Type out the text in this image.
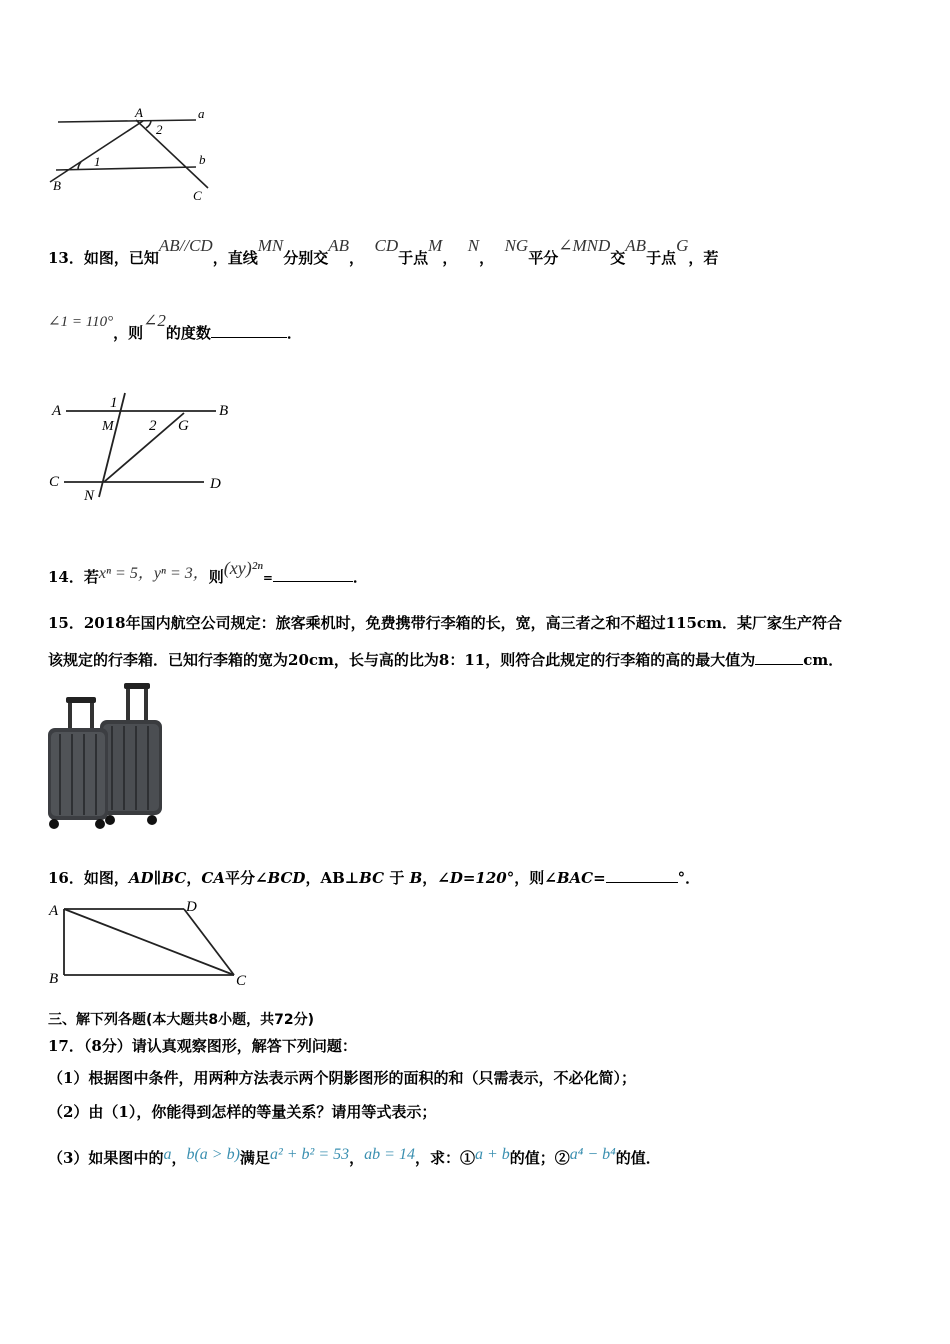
A	a
2
1	b
B
C
13．如图，已知AB//CD，直线MN分别交AB，  CD于点M，  N，  NG平分∠MND交AB于点G，若
∠1 = 110°，则∠2的度数	．
A	B
1
M 2 G
C	D
N
14．若xⁿ = 5，yⁿ = 3，则(xy)²ⁿ=	．
15．2018年国内航空公司规定：旅客乘机时，免费携带行李箱的长，宽，高三者之和不超过115cm．某厂家生产符合
该规定的行李箱．已知行李箱的宽为20cm，长与高的比为8：11，则符合此规定的行李箱的高的最大值为	cm．
16．如图，AD∥BC，CA平分∠BCD，AB⊥BC 于 B，∠D=120°，则∠BAC=	°．
A	D
B	C
三、解下列各题(本大题共8小题，共72分)
17．（8分）请认真观察图形，解答下列问题：
（1）根据图中条件，用两种方法表示两个阴影图形的面积的和（只需表示，不必化简）；
（2）由（1），你能得到怎样的等量关系？请用等式表示；
（3）如果图中的a，b(a > b)满足a² + b² = 53，ab = 14，求：①a + b的值；②a⁴ − b⁴的值．
